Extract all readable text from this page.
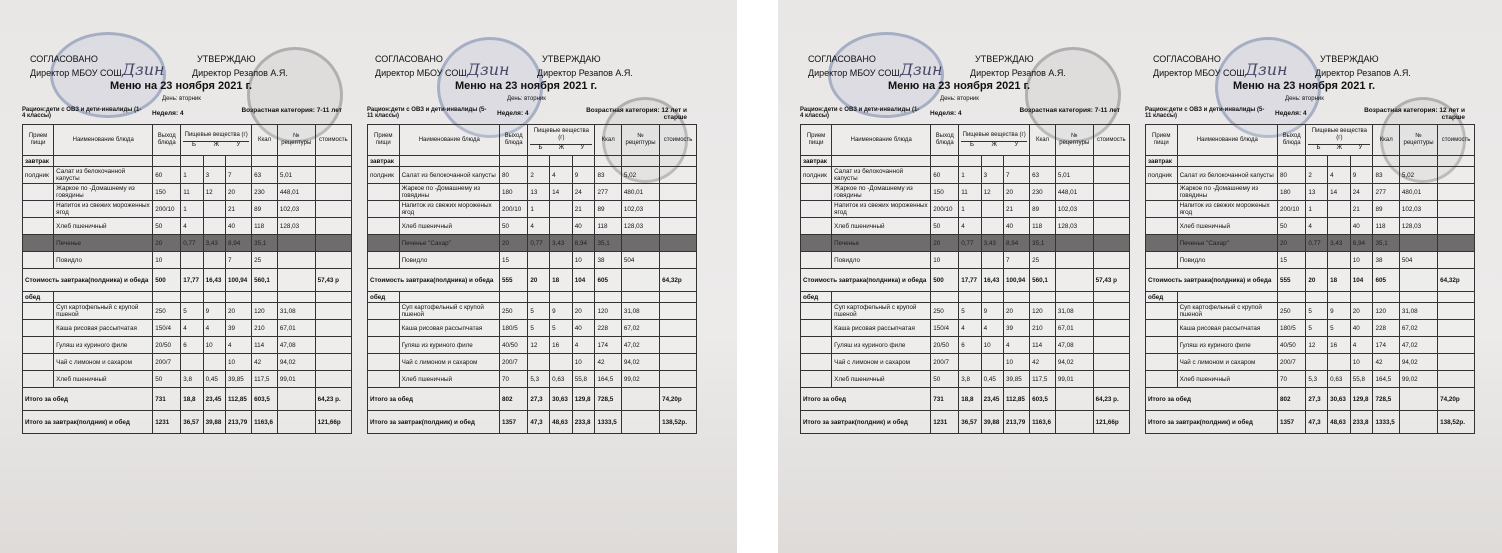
СОГЛАСОВАНО	УТВЕРЖДАЮ
Директор МБОУ СОШ Дзин	Директор Резапов А.Я.
Меню на 23 ноября 2021 г.
День: вторник
Рацион:дети с ОВЗ и дети-инвалиды (1-4 классы)	Неделя: 4	Возрастная категория: 7-11 лет
Прием пищи	Наименование блюда	Выход блюда	Пищевые вещества (г)
Б Ж У			Ккал	№ рецептуры	стоимость
завтрак								
полдник	Салат из белокочанной капусты	60	1	3	7	63	5,01	
	Жаркое по -Домашнему из говядины	150	11	12	20	230	448,01	
	Напиток из свежих мороженных ягод	200/10	1		21	89	102,03	
	Хлеб пшеничный	50	4		40	118	128,03	
	Печенье	20	0,77	3,43	8,94	35,1		
	Повидло	10			7	25		
Стоимость завтрака(полдника) и обеда		500	17,77	16,43	100,94	560,1		57,43 р
обед								
	Суп картофельный с крупой пшеной	250	5	9	20	120	31,08	
	Каша рисовая рассыпчатая	150/4	4	4	39	210	67,01	
	Гуляш из куриного филе	20/50	6	10	4	114	47,08	
	Чай с лимоном и сахаром	200/7			10	42	94,02	
	Хлеб пшеничный	50	3,8	0,45	39,85	117,5	99,01	
Итого за обед		731	18,8	23,45	112,85	603,5		64,23 р.
Итого за завтрак(полдник) и обед		1231	36,57	39,88	213,79	1163,6		121,66р
СОГЛАСОВАНО	УТВЕРЖДАЮ
Директор МБОУ СОШ Дзин	Директор Резапов А.Я.
Меню на 23 ноября 2021 г.
День: вторник
Рацион:дети с ОВЗ и дети-инвалиды (5-11 классы)	Неделя: 4	Возрастная категория: 12 лет и старше
Прием пищи	Наименование блюда	Выход блюда	Пищевые вещества (г)
Б Ж У			Ккал	№ рецептуры	стоимость
завтрак								
полдник	Салат из белокочанной капусты	80	2	4	9	83	5,02	
	Жаркое по -Домашнему из говядины	180	13	14	24	277	480,01	
	Напиток из свежих мороженых ягод	200/10	1		21	89	102,03	
	Хлеб пшеничный	50	4		40	118	128,03	
	Печенье "Сахар"	20	0,77	3,43	8,94	35,1		
	Повидло	15			10	38	504	
Стоимость завтрака(полдника) и обеда		555	20	18	104	605		64,32р
обед								
	Суп картофельный с крупой пшеной	250	5	9	20	120	31,08	
	Каша рисовая рассыпчатая	180/5	5	5	40	228	67,02	
	Гуляш из куриного филе	40/50	12	16	4	174	47,02	
	Чай с лимоном и сахаром	200/7			10	42	94,02	
	Хлеб пшеничный	70	5,3	0,63	55,8	164,5	99,02	
Итого за обед		802	27,3	30,63	129,8	728,5		74,20р
Итого за завтрак(полдник) и обед		1357	47,3	48,63	233,8	1333,5		138,52р.
СОГЛАСОВАНО	УТВЕРЖДАЮ
Директор МБОУ СОШ Дзин	Директор Резапов А.Я.
Меню на 23 ноября 2021 г.
День: вторник
Рацион:дети с ОВЗ и дети-инвалиды (1-4 классы)	Неделя: 4	Возрастная категория: 7-11 лет
Прием пищи	Наименование блюда	Выход блюда	Пищевые вещества (г)
Б Ж У			Ккал	№ рецептуры	стоимость
завтрак								
полдник	Салат из белокочанной капусты	60	1	3	7	63	5,01	
	Жаркое по -Домашнему из говядины	150	11	12	20	230	448,01	
	Напиток из свежих мороженных ягод	200/10	1		21	89	102,03	
	Хлеб пшеничный	50	4		40	118	128,03	
	Печенье	20	0,77	3,43	8,94	35,1		
	Повидло	10			7	25		
Стоимость завтрака(полдника) и обеда		500	17,77	16,43	100,94	560,1		57,43 р
обед								
	Суп картофельный с крупой пшеной	250	5	9	20	120	31,08	
	Каша рисовая рассыпчатая	150/4	4	4	39	210	67,01	
	Гуляш из куриного филе	20/50	6	10	4	114	47,08	
	Чай с лимоном и сахаром	200/7			10	42	94,02	
	Хлеб пшеничный	50	3,8	0,45	39,85	117,5	99,01	
Итого за обед		731	18,8	23,45	112,85	603,5		64,23 р.
Итого за завтрак(полдник) и обед		1231	36,57	39,88	213,79	1163,6		121,66р
СОГЛАСОВАНО	УТВЕРЖДАЮ
Директор МБОУ СОШ Дзин	Директор Резапов А.Я.
Меню на 23 ноября 2021 г.
День: вторник
Рацион:дети с ОВЗ и дети-инвалиды (5-11 классы)	Неделя: 4	Возрастная категория: 12 лет и старше
Прием пищи	Наименование блюда	Выход блюда	Пищевые вещества (г)
Б Ж У			Ккал	№ рецептуры	стоимость
завтрак								
полдник	Салат из белокочанной капусты	80	2	4	9	83	5,02	
	Жаркое по -Домашнему из говядины	180	13	14	24	277	480,01	
	Напиток из свежих мороженых ягод	200/10	1		21	89	102,03	
	Хлеб пшеничный	50	4		40	118	128,03	
	Печенье "Сахар"	20	0,77	3,43	8,94	35,1		
	Повидло	15			10	38	504	
Стоимость завтрака(полдника) и обеда		555	20	18	104	605		64,32р
обед								
	Суп картофельный с крупой пшеной	250	5	9	20	120	31,08	
	Каша рисовая рассыпчатая	180/5	5	5	40	228	67,02	
	Гуляш из куриного филе	40/50	12	16	4	174	47,02	
	Чай с лимоном и сахаром	200/7			10	42	94,02	
	Хлеб пшеничный	70	5,3	0,63	55,8	164,5	99,02	
Итого за обед		802	27,3	30,63	129,8	728,5		74,20р
Итого за завтрак(полдник) и обед		1357	47,3	48,63	233,8	1333,5		138,52р.
